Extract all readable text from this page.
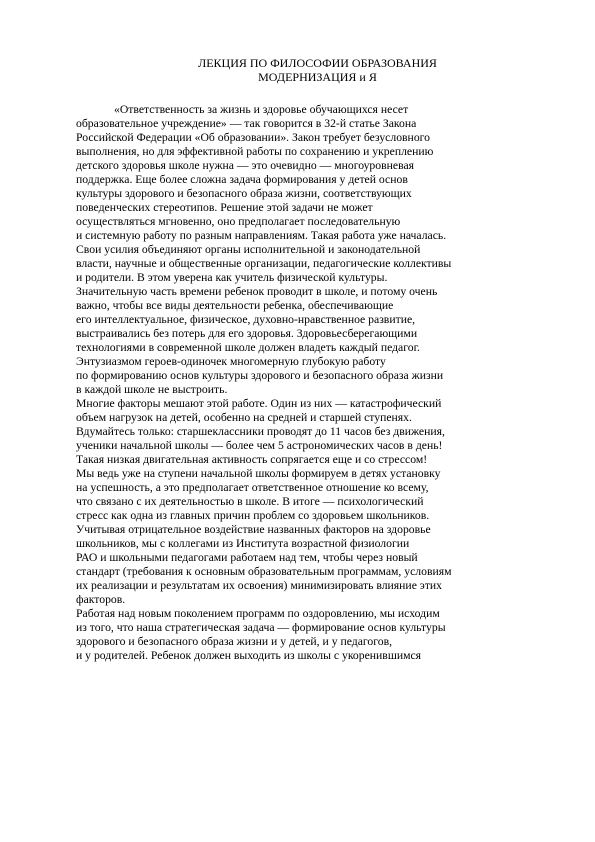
ЛЕКЦИЯ ПО ФИЛОСОФИИ ОБРАЗОВАНИЯ
МОДЕРНИЗАЦИЯ и Я
«Ответственность за жизнь и здоровье обучающихся несет
образовательное учреждение» — так говорится в 32-й статье Закона
Российской Федерации «Об образовании». Закон требует безусловного
выполнения, но для эффективной работы по сохранению и укреплению
детского здоровья школе нужна — это очевидно — многоуровневая
поддержка. Еще более сложна задача формирования у детей основ
культуры здорового и безопасного образа жизни, соответствующих
поведенческих стереотипов. Решение этой задачи не может
осуществляться мгновенно, оно предполагает последовательную
и системную работу по разным направлениям. Такая работа уже началась.
Свои усилия объединяют органы исполнительной и законодательной
власти, научные и общественные организации, педагогические коллективы
и родители. В этом уверена как учитель физической культуры.
Значительную часть времени ребенок проводит в школе, и потому очень
важно, чтобы все виды деятельности ребенка, обеспечивающие
его интеллектуальное, физическое, духовно-нравственное развитие,
выстраивались без потерь для его здоровья. Здоровьесберегающими
технологиями в современной школе должен владеть каждый педагог.
Энтузиазмом героев-одиночек многомерную глубокую работу
по формированию основ культуры здорового и безопасного образа жизни
в каждой школе не выстроить.
Многие факторы мешают этой работе. Один из них — катастрофический
объем нагрузок на детей, особенно на средней и старшей ступенях.
Вдумайтесь только: старшеклассники проводят до 11 часов без движения,
ученики начальной школы — более чем 5 астрономических часов в день!
Такая низкая двигательная активность сопрягается еще и со стрессом!
Мы ведь уже на ступени начальной школы формируем в детях установку
на успешность, а это предполагает ответственное отношение ко всему,
что связано с их деятельностью в школе. В итоге — психологический
стресс как одна из главных причин проблем со здоровьем школьников.
Учитывая отрицательное воздействие названных факторов на здоровье
школьников, мы с коллегами из Института возрастной физиологии
РАО и школьными педагогами работаем над тем, чтобы через новый
стандарт (требования к основным образовательным программам, условиям
их реализации и результатам их освоения) минимизировать влияние этих
факторов.
Работая над новым поколением программ по оздоровлению, мы исходим
из того, что наша стратегическая задача — формирование основ культуры
здорового и безопасного образа жизни и у детей, и у педагогов,
и у родителей. Ребенок должен выходить из школы с укоренившимся
